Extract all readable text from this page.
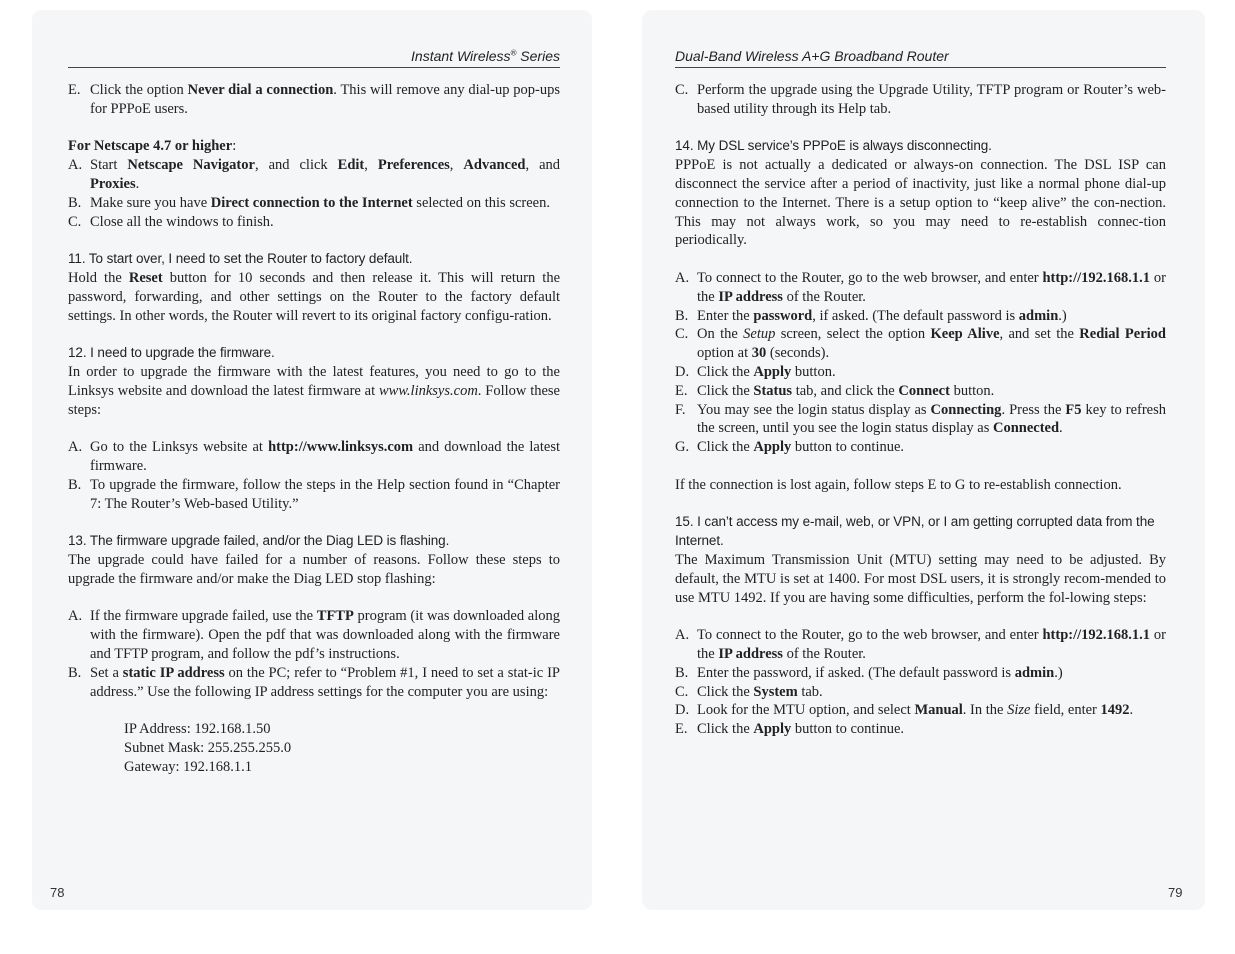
Instant Wireless® Series
E. Click the option Never dial a connection. This will remove any dial-up pop-ups for PPPoE users.

For Netscape 4.7 or higher:

A. Start Netscape Navigator, and click Edit, Preferences, Advanced, and Proxies.
B. Make sure you have Direct connection to the Internet selected on this screen.
C. Close all the windows to finish.
11. To start over, I need to set the Router to factory default.

Hold the Reset button for 10 seconds and then release it. This will return the password, forwarding, and other settings on the Router to the factory default settings. In other words, the Router will revert to its original factory configu-ration.

12. I need to upgrade the firmware.

In order to upgrade the firmware with the latest features, you need to go to the Linksys website and download the latest firmware at www.linksys.com. Follow these steps:

A. Go to the Linksys website at http://www.linksys.com and download the latest firmware.
B. To upgrade the firmware, follow the steps in the Help section found in “Chapter 7: The Router’s Web-based Utility.”
13. The firmware upgrade failed, and/or the Diag LED is flashing.

The upgrade could have failed for a number of reasons. Follow these steps to upgrade the firmware and/or make the Diag LED stop flashing:

A. If the firmware upgrade failed, use the TFTP program (it was downloaded along with the firmware). Open the pdf that was downloaded along with the firmware and TFTP program, and follow the pdf’s instructions.
B. Set a static IP address on the PC; refer to “Problem #1, I need to set a stat-ic IP address.” Use the following IP address settings for the computer you are using:

IP Address: 192.168.1.50

Subnet Mask: 255.255.255.0

Gateway: 192.168.1.1

78
Dual-Band Wireless A+G Broadband Router
C. Perform the upgrade using the Upgrade Utility, TFTP program or Router’s web-based utility through its Help tab.
14. My DSL service’s PPPoE is always disconnecting.

PPPoE is not actually a dedicated or always-on connection. The DSL ISP can disconnect the service after a period of inactivity, just like a normal phone dial-up connection to the Internet. There is a setup option to “keep alive” the con-nection. This may not always work, so you may need to re-establish connec-tion periodically.

A. To connect to the Router, go to the web browser, and enter http://192.168.1.1 or the IP address of the Router.
B. Enter the password, if asked. (The default password is admin.)
C. On the Setup screen, select the option Keep Alive, and set the Redial Period option at 30 (seconds).
D. Click the Apply button.
E. Click the Status tab, and click the Connect button.
F. You may see the login status display as Connecting. Press the F5 key to refresh the screen, until you see the login status display as Connected.
G. Click the Apply button to continue.

If the connection is lost again, follow steps E to G to re-establish connection.

15. I can’t access my e-mail, web, or VPN, or I am getting corrupted data from the Internet.

The Maximum Transmission Unit (MTU) setting may need to be adjusted. By default, the MTU is set at 1400. For most DSL users, it is strongly recom-mended to use MTU 1492. If you are having some difficulties, perform the fol-lowing steps:

A. To connect to the Router, go to the web browser, and enter http://192.168.1.1 or the IP address of the Router.
B. Enter the password, if asked. (The default password is admin.)
C. Click the System tab.
D. Look for the MTU option, and select Manual. In the Size field, enter 1492.
E. Click the Apply button to continue.
79
